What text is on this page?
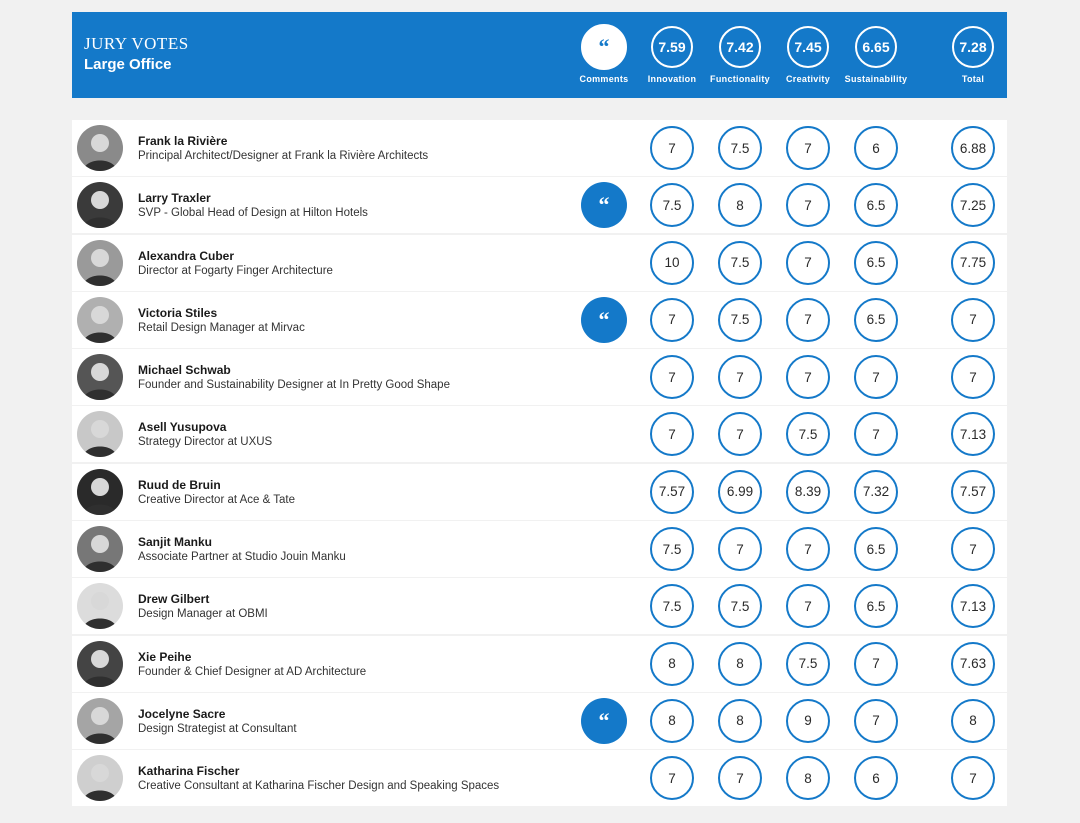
JURY VOTES
Large Office
“
Comments
7.59
Innovation
7.42
Functionality
7.45
Creativity
6.65
Sustainability
7.28
Total
Frank la Rivière
Principal Architect/Designer at Frank la Rivière Architects
7	7.5	7	6	6.88
Larry Traxler
SVP - Global Head of Design at Hilton Hotels	“	7.5	8	7	6.5	7.25
Alexandra Cuber
Director at Fogarty Finger Architecture
10	7.5	7	6.5	7.75
Victoria Stiles
Retail Design Manager at Mirvac	“	7	7.5	7	6.5	7
Michael Schwab
Founder and Sustainability Designer at In Pretty Good Shape
7	7	7	7	7
Asell Yusupova
Strategy Director at UXUS
7	7	7.5	7	7.13
Ruud de Bruin
Creative Director at Ace & Tate
7.57	6.99	8.39	7.32	7.57
Sanjit Manku
Associate Partner at Studio Jouin Manku
7.5	7	7	6.5	7
Drew Gilbert
Design Manager at OBMI
7.5	7.5	7	6.5	7.13
Xie Peihe
Founder & Chief Designer at AD Architecture
8	8	7.5	7	7.63
Jocelyne Sacre
Design Strategist at Consultant	“	8	8	9	7	8
Katharina Fischer
Creative Consultant at Katharina Fischer Design and Speaking Spaces
7	7	8	6	7
